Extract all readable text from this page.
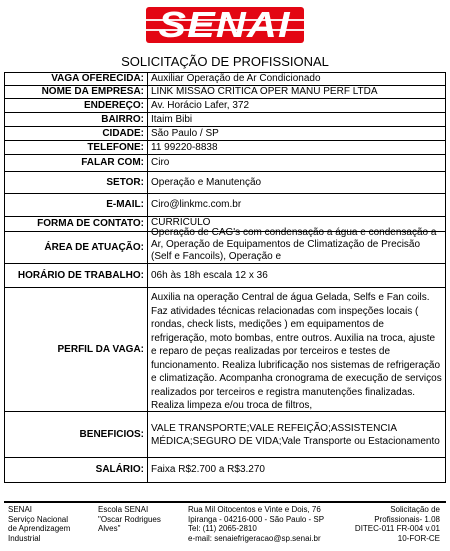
SENAI
SOLICITAÇÃO DE PROFISSIONAL
VAGA OFERECIDA:	Auxiliar Operação de Ar Condicionado
NOME DA EMPRESA:	LINK MISSÃO CRÍTICA OPER MANU PERF LTDA
ENDEREÇO:	Av. Horácio Lafer, 372
BAIRRO:	Itaim Bibi
CIDADE:	São Paulo / SP
TELEFONE:	11 99220-8838
FALAR COM:	Ciro
SETOR:	Operação e Manutenção
E-MAIL:	Ciro@linkmc.com.br
FORMA DE CONTATO:	CURRICULO
ÁREA DE ATUAÇÃO:	Operação de CAG's com condensação a água e condensação a Ar, Operação de Equipamentos de Climatização de Precisão (Self e Fancoils), Operação e

HORÁRIO DE TRABALHO:	06h às 18h escala 12 x 36
PERFIL DA VAGA:	Auxilia na operação Central de água Gelada, Selfs e Fan coils. Faz atividades técnicas relacionadas com inspeções locais ( rondas, check lists, medições ) em equipamentos de refrigeração, moto bombas, entre outros. Auxilia na troca, ajuste e reparo de peças realizadas por terceiros e testes de funcionamento. Realiza lubrificação nos sistemas de refrigeração e climatização. Acompanha cronograma de execução de serviços realizados por terceiros e registra manutenções finalizadas. Realiza limpeza e/ou troca de filtros,

BENEFICIOS:	VALE TRANSPORTE;VALE REFEIÇÃO;ASSISTENCIA MÉDICA;SEGURO DE VIDA;Vale Transporte ou Estacionamento
SALÁRIO:	Faixa R$2.700 a R$3.270
SENAI
Serviço Nacional
de Aprendizagem
Industrial
Escola SENAI
"Oscar Rodrigues
Alves"
Rua Mil Oitocentos e Vinte e Dois, 76
Ipiranga - 04216-000 - São Paulo - SP
Tel: (11) 2065-2810
e-mail: senaiefrigeracao@sp.senai.br
Solicitação de
Profissionais- 1.08
DITEC-011 FR-004 v.01
10-FOR-CE
